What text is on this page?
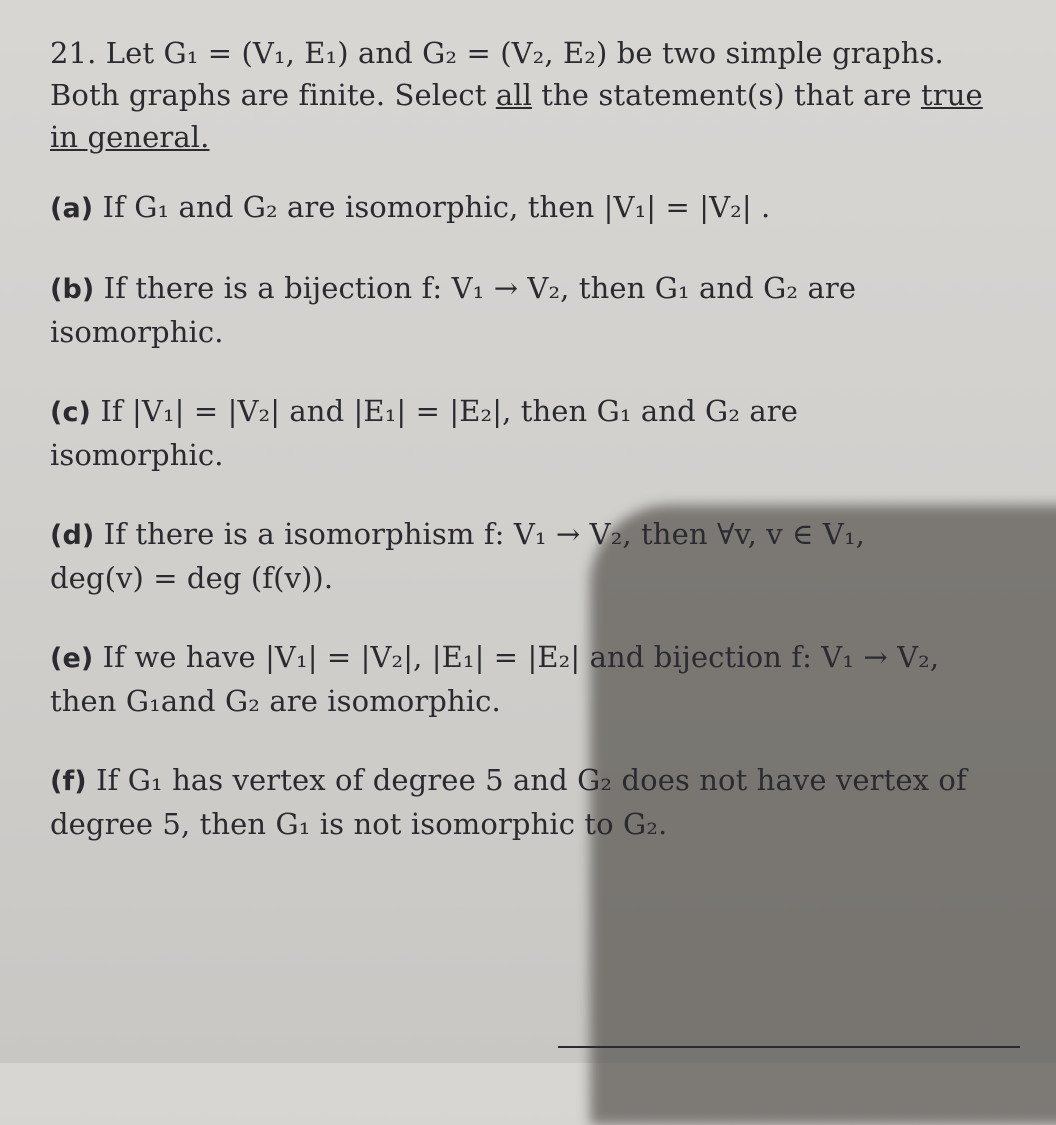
21. Let G₁ = (V₁, E₁) and G₂ = (V₂, E₂) be two simple graphs.
Both graphs are finite. Select all the statement(s) that are true
in general.
(a) If G₁ and G₂ are isomorphic, then |V₁| = |V₂| .
(b) If there is a bijection f: V₁ → V₂, then G₁ and G₂ are
isomorphic.
(c) If |V₁| = |V₂| and |E₁| = |E₂|, then G₁ and G₂ are
isomorphic.
(d) If there is a isomorphism f: V₁ → V₂, then ∀v, v ∈ V₁,
deg(v) = deg (f(v)).
(e) If we have |V₁| = |V₂|, |E₁| = |E₂| and bijection f: V₁ → V₂,
then G₁and G₂ are isomorphic.
(f) If G₁ has vertex of degree 5 and G₂ does not have vertex of
degree 5, then G₁ is not isomorphic to G₂.
